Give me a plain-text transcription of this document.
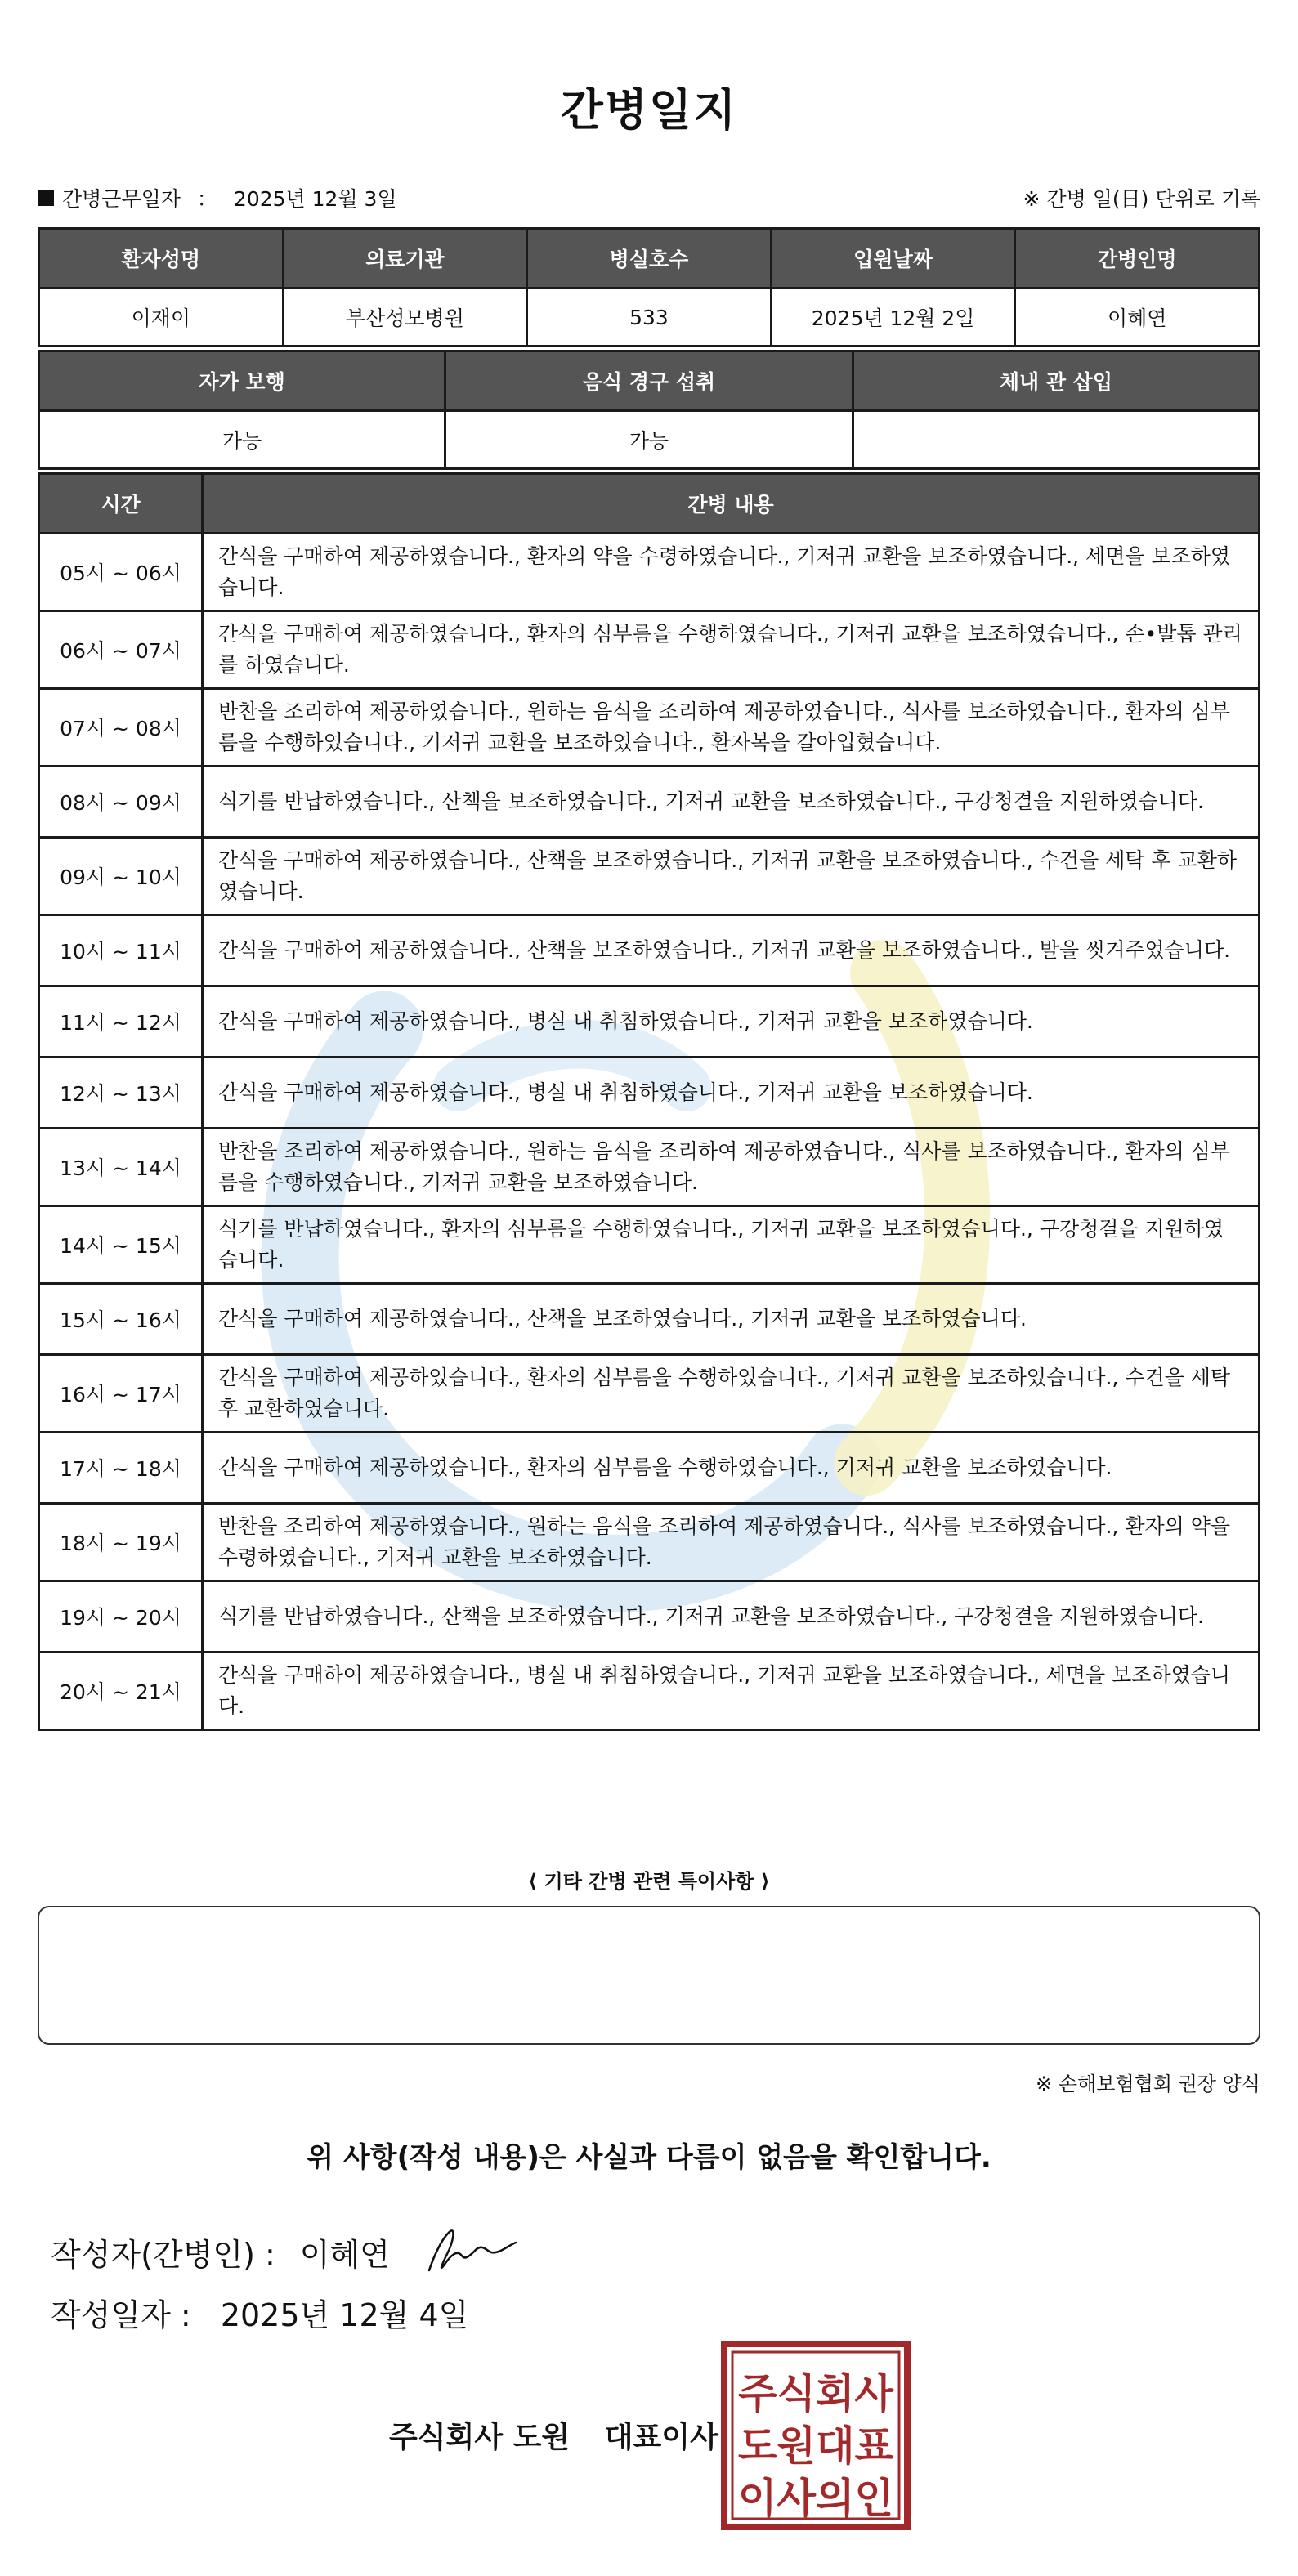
간병일지
간병근무일자 ： 2025년 12월 3일	※ 간병 일(日) 단위로 기록
환자성명	의료기관	병실호수	입원날짜	간병인명
이재이	부산성모병원	533	2025년 12월 2일	이혜연
자가 보행	음식 경구 섭취	체내 관 삽입
가능	가능	
시간	간병 내용
05시 ~ 06시	간식을 구매하여 제공하였습니다., 환자의 약을 수령하였습니다., 기저귀 교환을 보조하였습니다., 세면을 보조하였습니다.
06시 ~ 07시	간식을 구매하여 제공하였습니다., 환자의 심부름을 수행하였습니다., 기저귀 교환을 보조하였습니다., 손•발톱 관리를 하였습니다.
07시 ~ 08시	반찬을 조리하여 제공하였습니다., 원하는 음식을 조리하여 제공하였습니다., 식사를 보조하였습니다., 환자의 심부름을 수행하였습니다., 기저귀 교환을 보조하였습니다., 환자복을 갈아입혔습니다.
08시 ~ 09시	식기를 반납하였습니다., 산책을 보조하였습니다., 기저귀 교환을 보조하였습니다., 구강청결을 지원하였습니다.
09시 ~ 10시	간식을 구매하여 제공하였습니다., 산책을 보조하였습니다., 기저귀 교환을 보조하였습니다., 수건을 세탁 후 교환하였습니다.
10시 ~ 11시	간식을 구매하여 제공하였습니다., 산책을 보조하였습니다., 기저귀 교환을 보조하였습니다., 발을 씻겨주었습니다.
11시 ~ 12시	간식을 구매하여 제공하였습니다., 병실 내 취침하였습니다., 기저귀 교환을 보조하였습니다.
12시 ~ 13시	간식을 구매하여 제공하였습니다., 병실 내 취침하였습니다., 기저귀 교환을 보조하였습니다.
13시 ~ 14시	반찬을 조리하여 제공하였습니다., 원하는 음식을 조리하여 제공하였습니다., 식사를 보조하였습니다., 환자의 심부름을 수행하였습니다., 기저귀 교환을 보조하였습니다.
14시 ~ 15시	식기를 반납하였습니다., 환자의 심부름을 수행하였습니다., 기저귀 교환을 보조하였습니다., 구강청결을 지원하였습니다.
15시 ~ 16시	간식을 구매하여 제공하였습니다., 산책을 보조하였습니다., 기저귀 교환을 보조하였습니다.
16시 ~ 17시	간식을 구매하여 제공하였습니다., 환자의 심부름을 수행하였습니다., 기저귀 교환을 보조하였습니다., 수건을 세탁 후 교환하였습니다.
17시 ~ 18시	간식을 구매하여 제공하였습니다., 환자의 심부름을 수행하였습니다., 기저귀 교환을 보조하였습니다.
18시 ~ 19시	반찬을 조리하여 제공하였습니다., 원하는 음식을 조리하여 제공하였습니다., 식사를 보조하였습니다., 환자의 약을 수령하였습니다., 기저귀 교환을 보조하였습니다.
19시 ~ 20시	식기를 반납하였습니다., 산책을 보조하였습니다., 기저귀 교환을 보조하였습니다., 구강청결을 지원하였습니다.
20시 ~ 21시	간식을 구매하여 제공하였습니다., 병실 내 취침하였습니다., 기저귀 교환을 보조하였습니다., 세면을 보조하였습니다.
⟨ 기타 간병 관련 특이사항 ⟩
※ 손해보험협회 권장 양식
위 사항(작성 내용)은 사실과 다름이 없음을 확인합니다.
작성자(간병인) : 이혜연
작성일자 : 2025년 12월 4일
주식회사 도원 대표이사
주식회사
도원대표
이사의인
